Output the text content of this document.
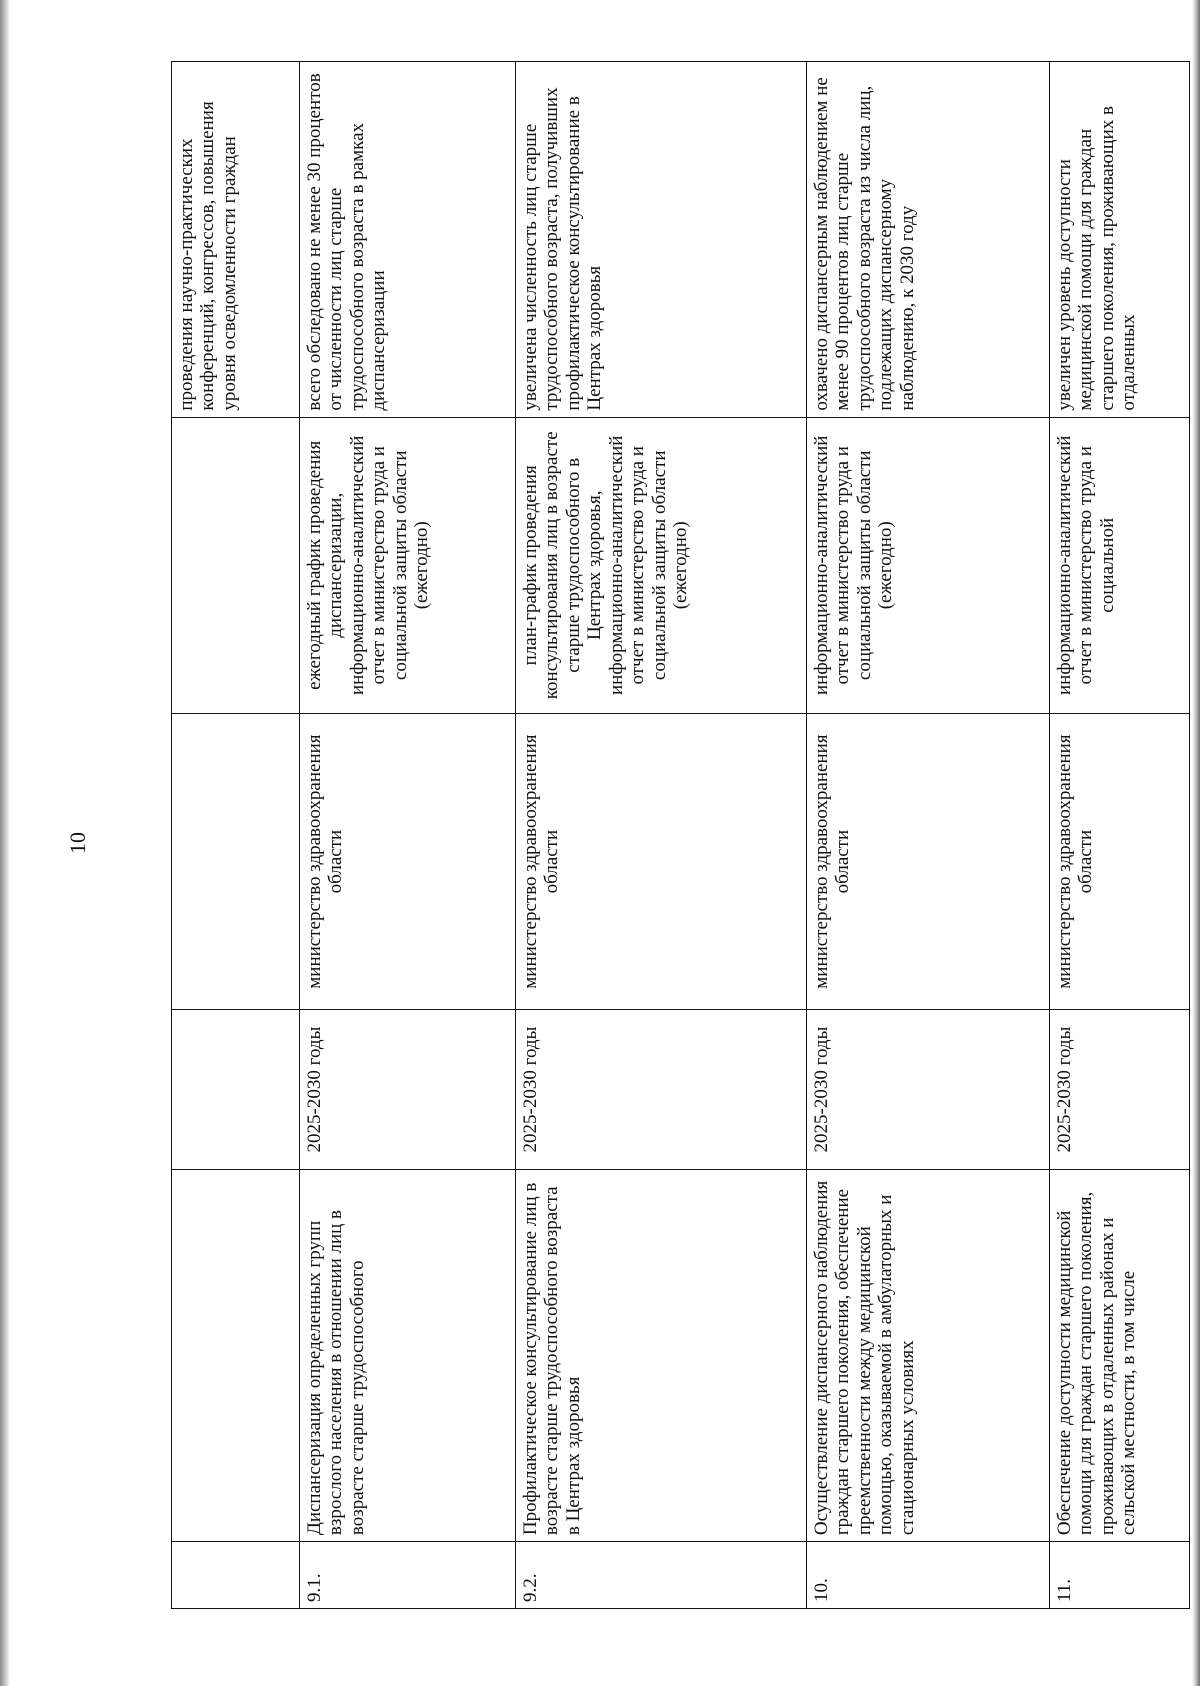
10
					проведения научно-практических конференций, конгрессов, повышения уровня осведомленности граждан
9.1.	Диспансеризация определенных групп взрослого населения в отношении лиц в возрасте старше трудоспособного	2025-2030 годы	министерство здравоохранения области	ежегодный график проведения диспансеризации, информационно-аналитический отчет в министерство труда и социальной защиты области (ежегодно)	всего обследовано не менее 30 процентов от численности лиц старше трудоспособного возраста в рамках диспансеризации
9.2.	Профилактическое консультирование лиц в возрасте старше трудоспособного возраста в Центрах здоровья	2025-2030 годы	министерство здравоохранения области	план-график проведения консультирования лиц в возрасте старше трудоспособного в Центрах здоровья, информационно-аналитический отчет в министерство труда и социальной защиты области (ежегодно)	увеличена численность лиц старше трудоспособного возраста, получивших профилактическое консультирование в Центрах здоровья
10.	Осуществление диспансерного наблюдения граждан старшего поколения, обеспечение преемственности между медицинской помощью, оказываемой в амбулаторных и стационарных условиях	2025-2030 годы	министерство здравоохранения области	информационно-аналитический отчет в министерство труда и социальной защиты области (ежегодно)	охвачено диспансерным наблюдением не менее 90 процентов лиц старше трудоспособного возраста из числа лиц, подлежащих диспансерному наблюдению, к 2030 году
11.	Обеспечение доступности медицинской помощи для граждан старшего поколения, проживающих в отдаленных районах и сельской местности, в том числе	2025-2030 годы	министерство здравоохранения области	информационно-аналитический отчет в министерство труда и социальной	увеличен уровень доступности медицинской помощи для граждан старшего поколения, проживающих в отдаленных
